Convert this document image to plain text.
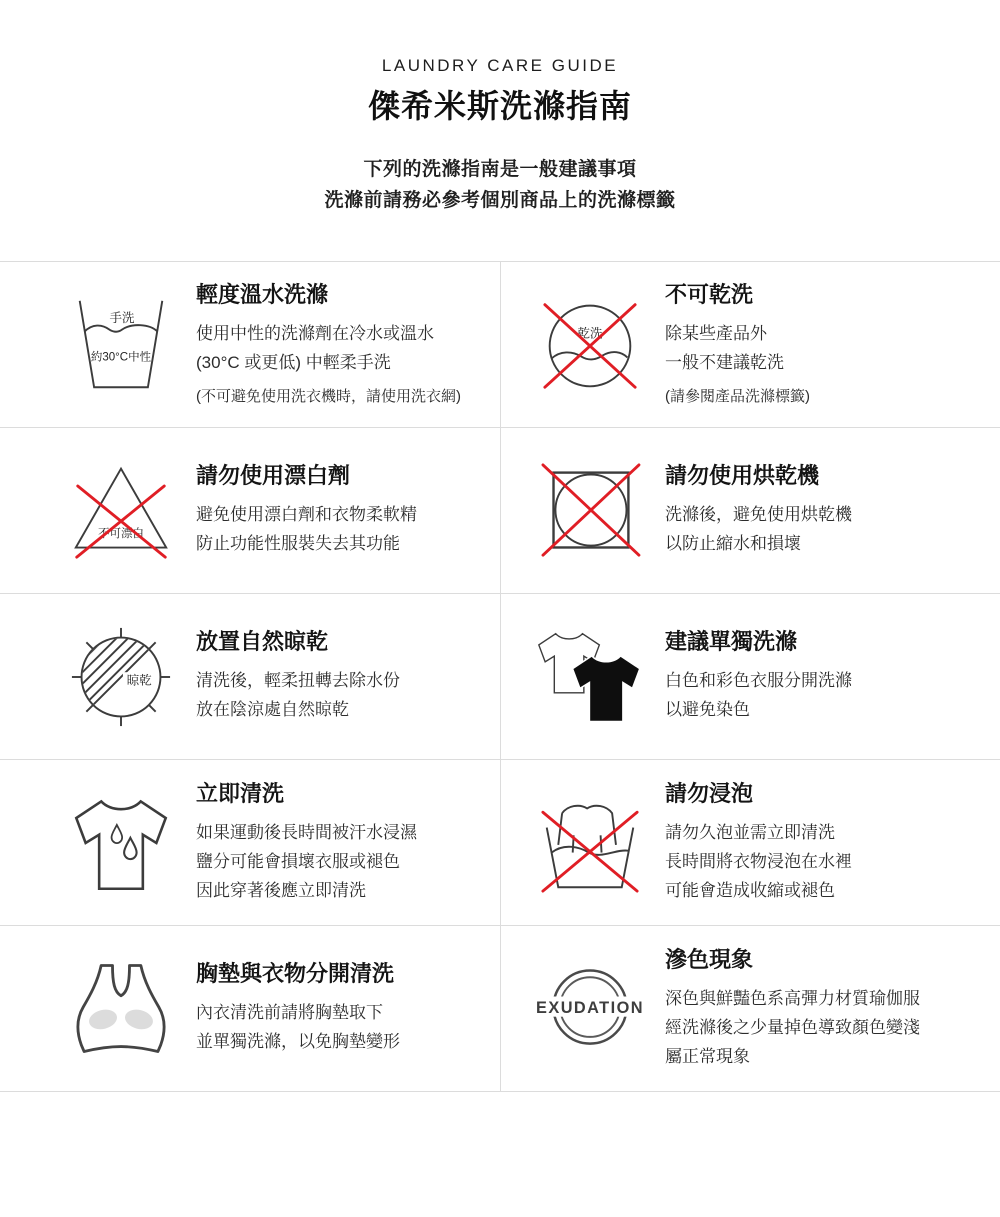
LAUNDRY CARE GUIDE
傑希米斯洗滌指南

下列的洗滌指南是一般建議事項

洗滌前請務必參考個別商品上的洗滌標籤

手洗
約30°C中性
輕度溫水洗滌

使用中性的洗滌劑在冷水或溫水

(30°C 或更低) 中輕柔手洗

(不可避免使用洗衣機時，請使用洗衣網)

乾洗
不可乾洗

除某些產品外

一般不建議乾洗

(請參閱產品洗滌標籤)

不可漂白
請勿使用漂白劑

避免使用漂白劑和衣物柔軟精

防止功能性服裝失去其功能

請勿使用烘乾機

洗滌後，避免使用烘乾機

以防止縮水和損壞

晾乾
放置自然晾乾

清洗後，輕柔扭轉去除水份

放在陰涼處自然晾乾

建議單獨洗滌

白色和彩色衣服分開洗滌

以避免染色

立即清洗

如果運動後長時間被汗水浸濕

鹽分可能會損壞衣服或褪色

因此穿著後應立即清洗

請勿浸泡

請勿久泡並需立即清洗

長時間將衣物浸泡在水裡

可能會造成收縮或褪色

胸墊與衣物分開清洗

內衣清洗前請將胸墊取下

並單獨洗滌，以免胸墊變形

EXUDATION
滲色現象

深色與鮮豔色系高彈力材質瑜伽服

經洗滌後之少量掉色導致顏色變淺

屬正常現象
